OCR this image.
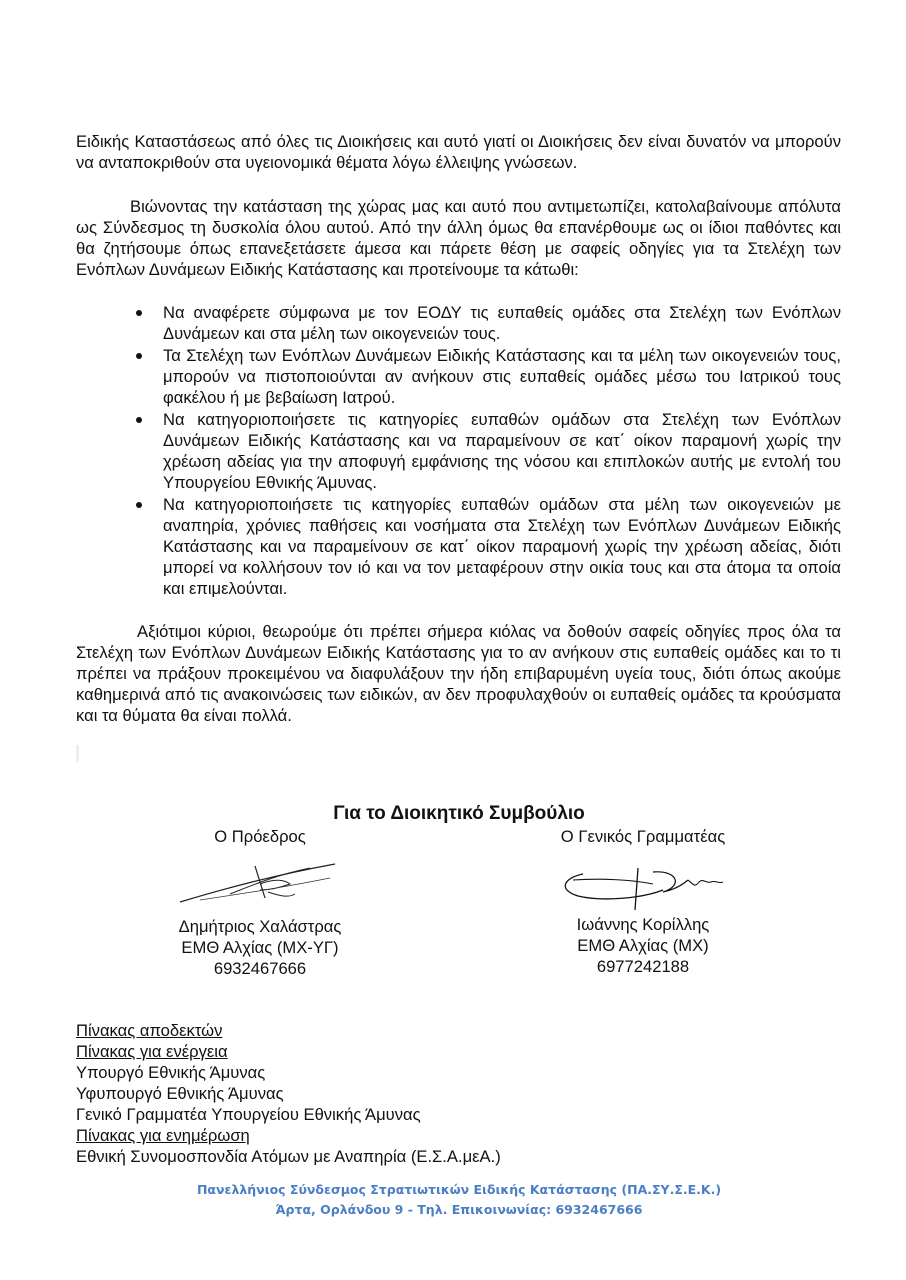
Ειδικής Καταστάσεως από όλες τις Διοικήσεις και αυτό γιατί οι Διοικήσεις δεν είναι δυνατόν να μπορούν να ανταποκριθούν στα υγειονομικά θέματα λόγω έλλειψης γνώσεων.

Βιώνοντας την κατάσταση της χώρας μας και αυτό που αντιμετωπίζει, κατολαβαίνουμε απόλυτα ως Σύνδεσμος τη δυσκολία όλου αυτού. Από την άλλη όμως θα επανέρθουμε ως οι ίδιοι παθόντες και θα ζητήσουμε όπως επανεξετάσετε άμεσα και πάρετε θέση με σαφείς οδηγίες για τα Στελέχη των Ενόπλων Δυνάμεων Ειδικής Κατάστασης και προτείνουμε τα κάτωθι:

Να αναφέρετε σύμφωνα με τον ΕΟΔΥ τις ευπαθείς ομάδες στα Στελέχη των Ενόπλων Δυνάμεων και στα μέλη των οικογενειών τους.
Τα Στελέχη των Ενόπλων Δυνάμεων Ειδικής Κατάστασης και τα μέλη των οικογενειών τους, μπορούν να πιστοποιούνται αν ανήκουν στις ευπαθείς ομάδες μέσω του Ιατρικού τους φακέλου ή με βεβαίωση Ιατρού.
Να κατηγοριοποιήσετε τις κατηγορίες ευπαθών ομάδων στα Στελέχη των Ενόπλων Δυνάμεων Ειδικής Κατάστασης και να παραμείνουν σε κατ΄ οίκον παραμονή χωρίς την χρέωση αδείας για την αποφυγή εμφάνισης της νόσου και επιπλοκών αυτής με εντολή του Υπουργείου Εθνικής Άμυνας.
Να κατηγοριοποιήσετε τις κατηγορίες ευπαθών ομάδων στα μέλη των οικογενειών με αναπηρία, χρόνιες παθήσεις και νοσήματα στα Στελέχη των Ενόπλων Δυνάμεων Ειδικής Κατάστασης και να παραμείνουν σε κατ΄ οίκον παραμονή χωρίς την χρέωση αδείας, διότι μπορεί να κολλήσουν τον ιό και να τον μεταφέρουν στην οικία τους και στα άτομα τα οποία και επιμελούνται.

Αξιότιμοι κύριοι, θεωρούμε ότι πρέπει σήμερα κιόλας να δοθούν σαφείς οδηγίες προς όλα τα Στελέχη των Ενόπλων Δυνάμεων Ειδικής Κατάστασης για το αν ανήκουν στις ευπαθείς ομάδες και το τι πρέπει να πράξουν προκειμένου να διαφυλάξουν την ήδη επιβαρυμένη υγεία τους, διότι όπως ακούμε καθημερινά από τις ανακοινώσεις των ειδικών, αν δεν προφυλαχθούν οι ευπαθείς ομάδες τα κρούσματα και τα θύματα θα είναι πολλά.

Για το Διοικητικό Συμβούλιο
Ο Πρόεδρος
Δημήτριος Χαλάστρας
ΕΜΘ Αλχίας (ΜΧ-ΥΓ)
6932467666
Ο Γενικός Γραμματέας
Ιωάννης Κορίλλης
ΕΜΘ Αλχίας (ΜΧ)
6977242188
Πίνακας αποδεκτών
Πίνακας για ενέργεια
Υπουργό Εθνικής Άμυνας
Υφυπουργό Εθνικής Άμυνας
Γενικό Γραμματέα Υπουργείου Εθνικής Άμυνας
Πίνακας για ενημέρωση
Εθνική Συνομοσπονδία Ατόμων με Αναπηρία (Ε.Σ.Α.μεΑ.)
Πανελλήνιος Σύνδεσμος Στρατιωτικών Ειδικής Κατάστασης (ΠΑ.ΣΥ.Σ.Ε.Κ.)
Άρτα, Ορλάνδου 9 - Τηλ. Επικοινωνίας: 6932467666
